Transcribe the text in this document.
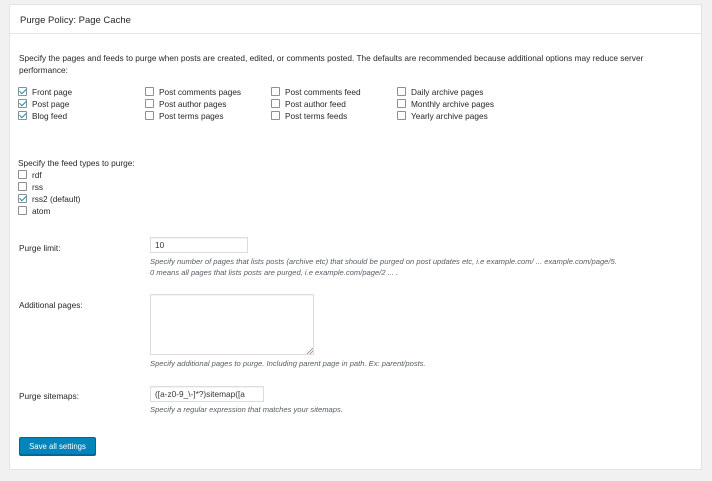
Purge Policy: Page Cache
Specify the pages and feeds to purge when posts are created, edited, or comments posted. The defaults are recommended because additional options may reduce server performance:
Front page
Post page
Blog feed
Post comments pages
Post author pages
Post terms pages
Post comments feed
Post author feed
Post terms feeds
Daily archive pages
Monthly archive pages
Yearly archive pages
Specify the feed types to purge:
rdf
rss
rss2 (default)
atom
Purge limit:	10
Specify number of pages that lists posts (archive etc) that should be purged on post updates etc, i.e example.com/ ... example.com/page/5.
0 means all pages that lists posts are purged, i.e example.com/page/2 ... .
Additional pages:
Specify additional pages to purge. Including parent page in path. Ex: parent/posts.
Purge sitemaps:	([a-z0-9_\-]*?)sitemap([a
Specify a regular expression that matches your sitemaps.
Save all settings
